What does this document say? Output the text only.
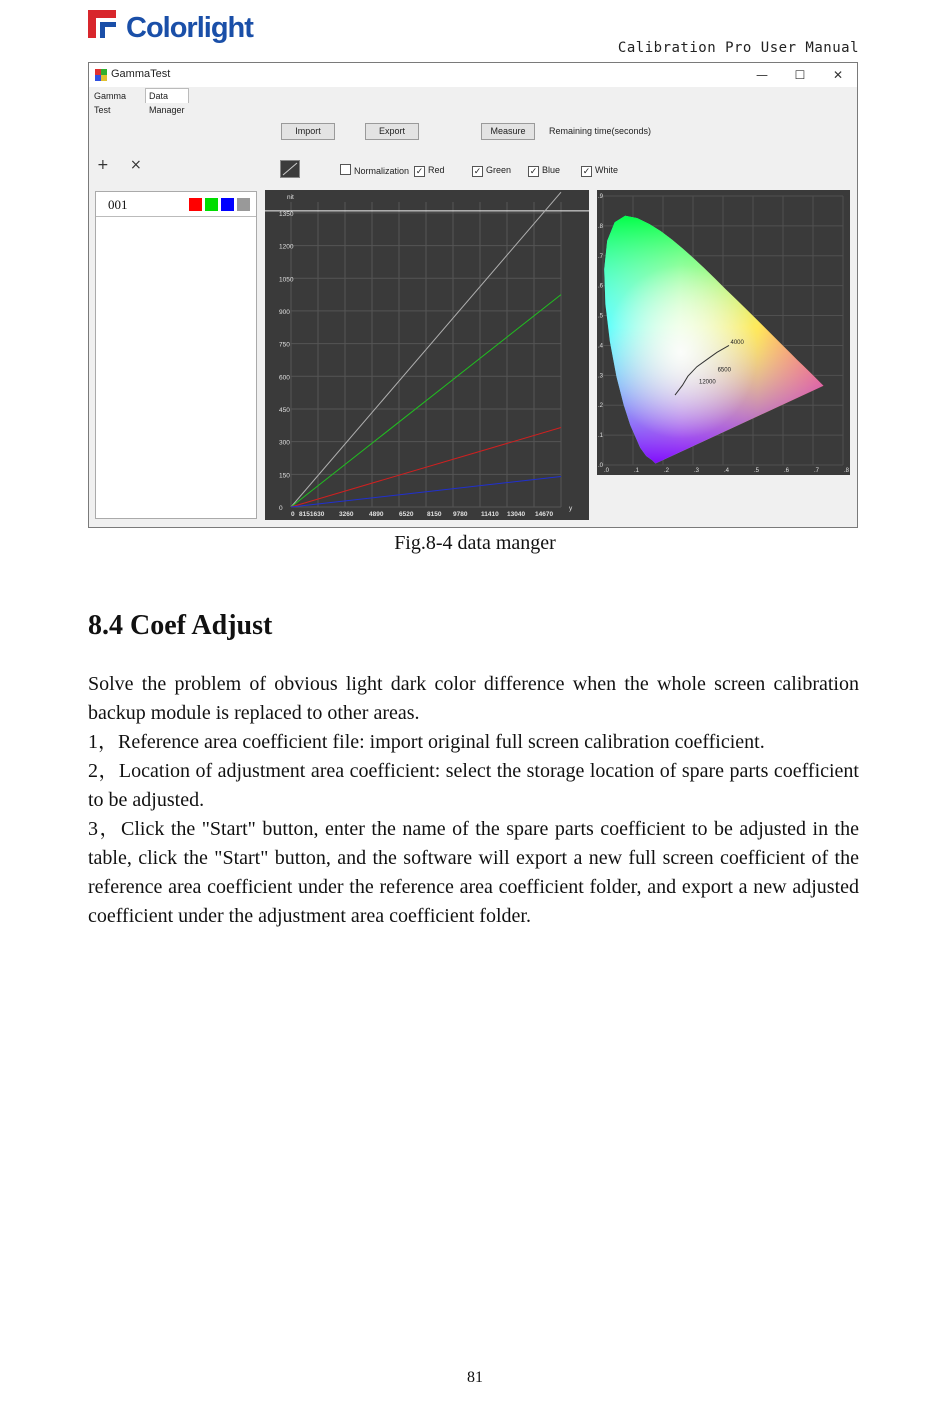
Colorlight
Calibration Pro User Manual
GammaTest	—	☐	✕
Gamma Test
Data Manager
Import	Export	Measure	Remaining time(seconds)
+ ×	Normalization ✓ Red	✓ Green ✓ Blue	✓ White
001
0
150
300
450
600
750
900
1050
1200
1350
0 8151630 3260 4890 6520 8150 9780 11410 13040 14670
nit
y
.0	.1	.2	.3	.4	.5	.6	.7	.8
.0
.1
.2
.3
.4
.5
.6
.7
.8
.9
4000
6500
12000
Fig.8-4 data manger
8.4 Coef Adjust
Solve the problem of obvious light dark color difference when the whole screen calibration backup module is replaced to other areas.
1，Reference area coefficient file: import original full screen calibration coefficient.
2，Location of adjustment area coefficient: select the storage location of spare parts coefficient to be adjusted.
3，Click the "Start" button, enter the name of the spare parts coefficient to be adjusted in the table, click the "Start" button, and the software will export a new full screen coefficient of the reference area coefficient under the reference area coefficient folder, and export a new adjusted coefficient under the adjustment area coefficient folder.
81
